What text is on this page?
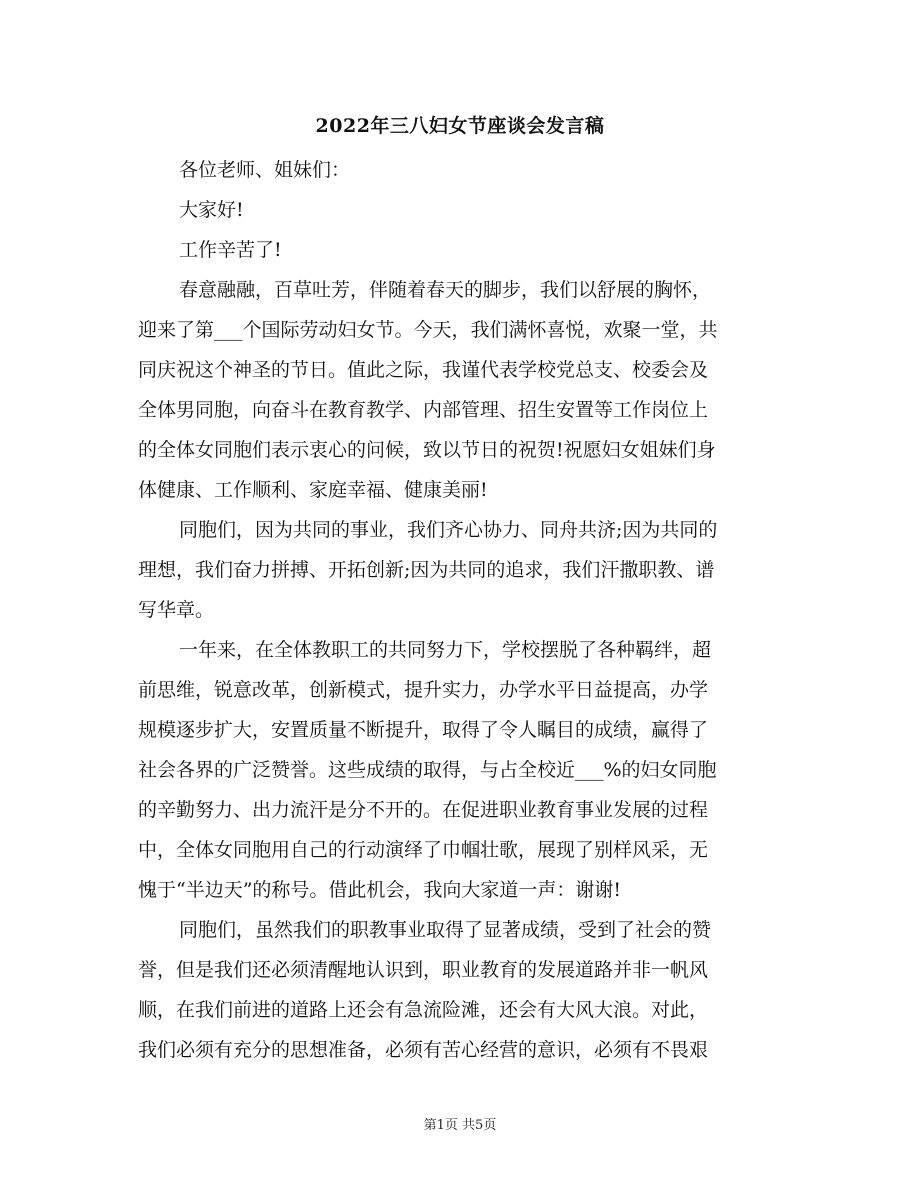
2022年三八妇女节座谈会发言稿
各位老师、姐妹们：
大家好!
工作辛苦了!
春意融融，百草吐芳，伴随着春天的脚步，我们以舒展的胸怀，
迎来了第___个国际劳动妇女节。今天，我们满怀喜悦，欢聚一堂，共
同庆祝这个神圣的节日。值此之际，我谨代表学校党总支、校委会及
全体男同胞，向奋斗在教育教学、内部管理、招生安置等工作岗位上
的全体女同胞们表示衷心的问候，致以节日的祝贺!祝愿妇女姐妹们身
体健康、工作顺利、家庭幸福、健康美丽!
同胞们，因为共同的事业，我们齐心协力、同舟共济;因为共同的
理想，我们奋力拼搏、开拓创新;因为共同的追求，我们汗撒职教、谱
写华章。
一年来，在全体教职工的共同努力下，学校摆脱了各种羁绊，超
前思维，锐意改革，创新模式，提升实力，办学水平日益提高，办学
规模逐步扩大，安置质量不断提升，取得了令人瞩目的成绩，赢得了
社会各界的广泛赞誉。这些成绩的取得，与占全校近___%的妇女同胞
的辛勤努力、出力流汗是分不开的。在促进职业教育事业发展的过程
中，全体女同胞用自己的行动演绎了巾帼壮歌，展现了别样风采，无
愧于“半边天”的称号。借此机会，我向大家道一声：谢谢!
同胞们，虽然我们的职教事业取得了显著成绩，受到了社会的赞
誉，但是我们还必须清醒地认识到，职业教育的发展道路并非一帆风
顺，在我们前进的道路上还会有急流险滩，还会有大风大浪。对此，
我们必须有充分的思想准备，必须有苦心经营的意识，必须有不畏艰
第1页 共5页
